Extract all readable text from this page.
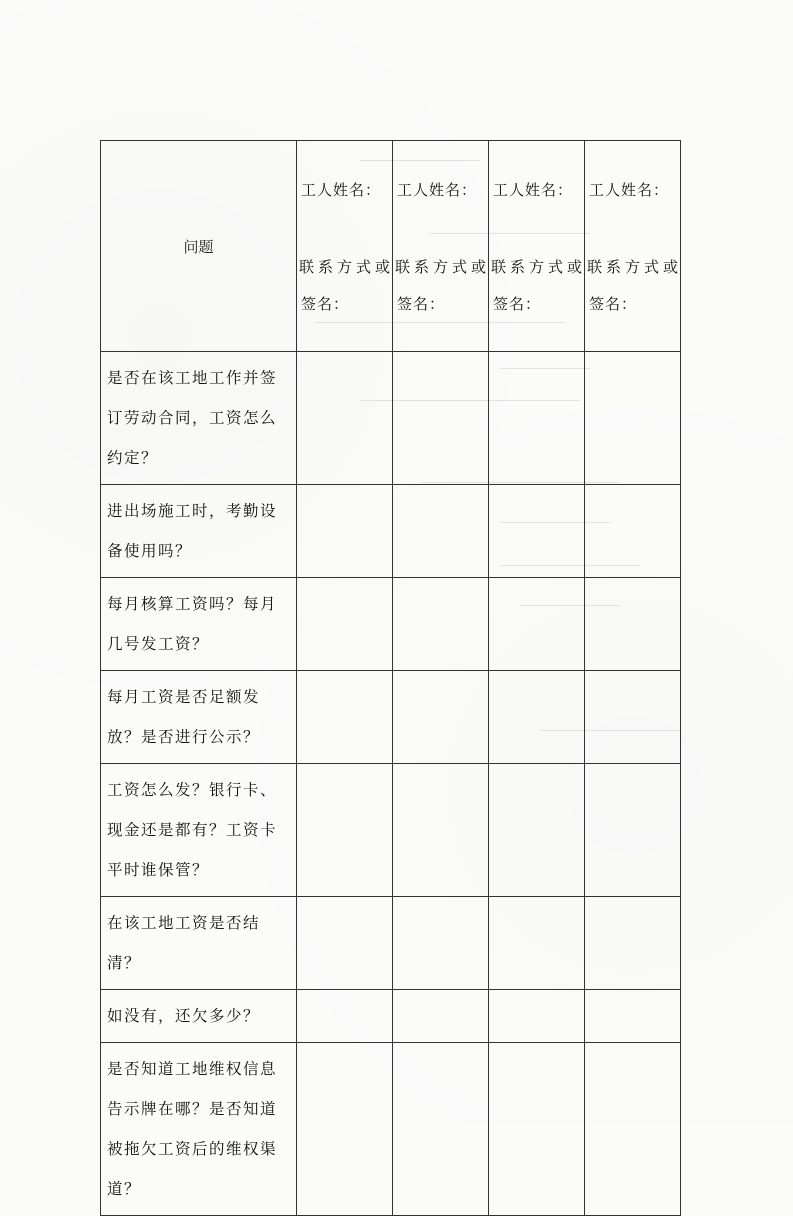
问题	工人姓名：
联系方式或
签名：	工人姓名：
联系方式或
签名：	工人姓名：
联系方式或
签名：	工人姓名：
联系方式或
签名：

是否在该工地工作并签订劳动合同，工资怎么约定？				
进出场施工时，考勤设备使用吗？				
每月核算工资吗？每月几号发工资？				
每月工资是否足额发放？是否进行公示？				
工资怎么发？银行卡、现金还是都有？工资卡平时谁保管？				
在该工地工资是否结清？				
如没有，还欠多少？				
是否知道工地维权信息告示牌在哪？是否知道被拖欠工资后的维权渠道？				
